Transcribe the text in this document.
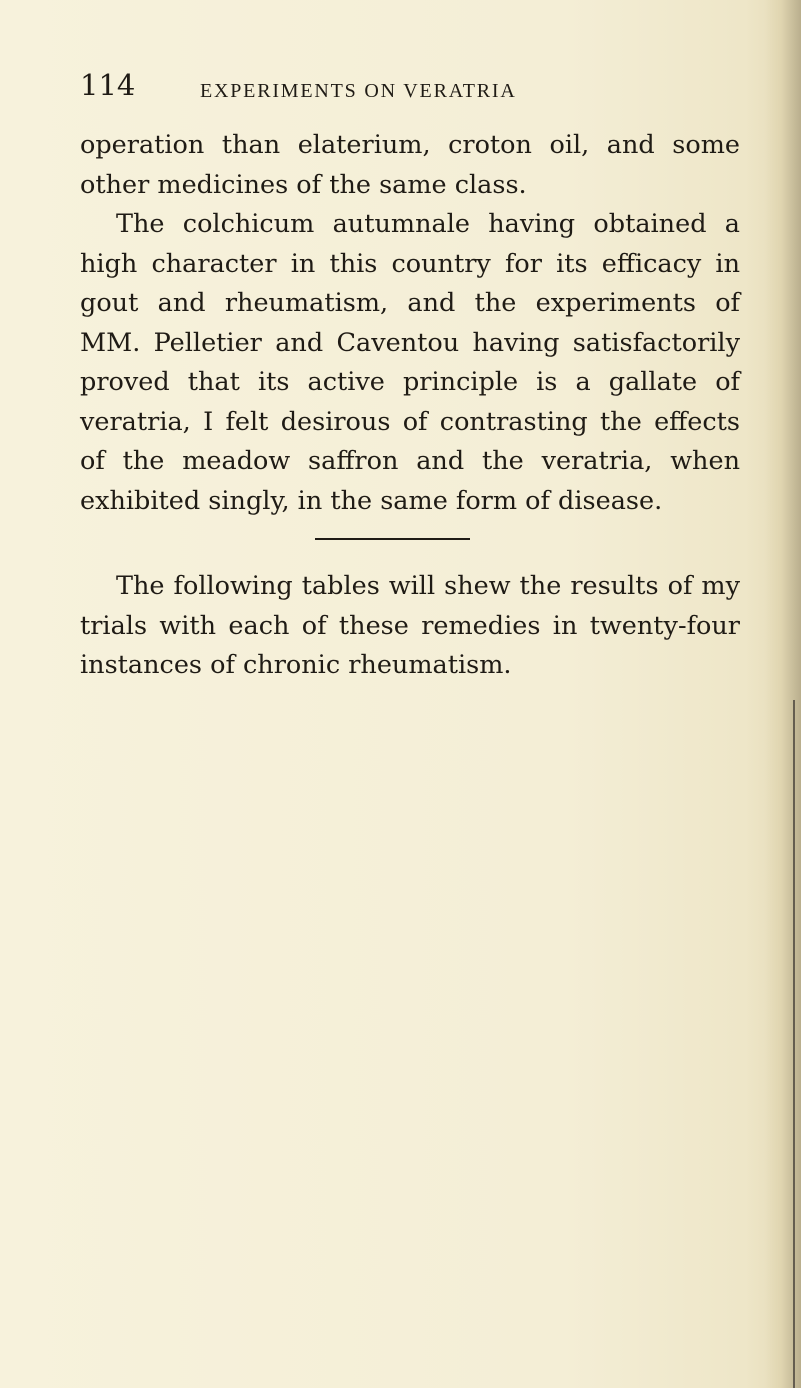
114	EXPERIMENTS ON VERATRIA
operation than elaterium, croton oil, and some other medicines of the same class.
The colchicum autumnale having obtained a high character in this country for its efficacy in gout and rheumatism, and the experiments of MM. Pelletier and Caventou having satisfactorily proved that its active principle is a gallate of veratria, I felt desirous of contrasting the effects of the meadow saffron and the veratria, when exhibited singly, in the same form of disease.
The following tables will shew the results of my trials with each of these remedies in twenty-four instances of chronic rheumatism.
